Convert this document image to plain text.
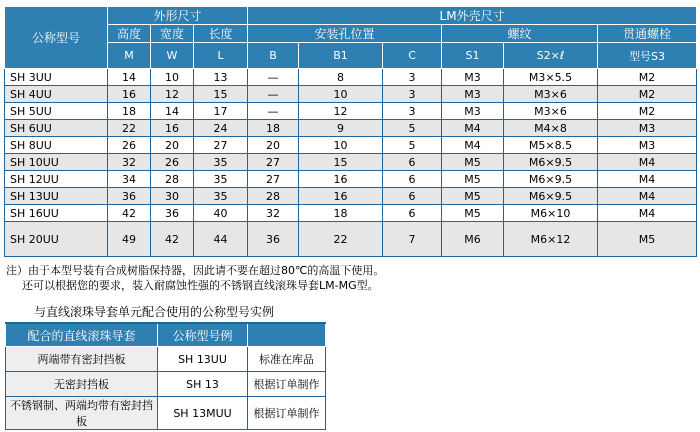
公称型号	外形尺寸			LM外壳尺寸					
	高度	宽度	长度	安装孔位置			螺纹		贯通螺栓
	M	W	L	B	B1	C	S1	S2×ℓ	型号S3
SH 3UU	14	10	13	—	8	3	M3	M3×5.5	M2
SH 4UU	16	12	15	—	10	3	M3	M3×6	M2
SH 5UU	18	14	17	—	12	3	M3	M3×6	M2
SH 6UU	22	16	24	18	9	5	M4	M4×8	M3
SH 8UU	26	20	27	20	10	5	M4	M5×8.5	M3
SH 10UU	32	26	35	27	15	6	M5	M6×9.5	M4
SH 12UU	34	28	35	27	16	6	M5	M6×9.5	M4
SH 13UU	36	30	35	28	16	6	M5	M6×9.5	M4
SH 16UU	42	36	40	32	18	6	M5	M6×10	M4
SH 20UU	49	42	44	36	22	7	M6	M6×12	M5
注）由于本型号装有合成树脂保持器，因此请不要在超过80℃的高温下使用。
还可以根据您的要求，装入耐腐蚀性强的不锈钢直线滚珠导套LM-MG型。
与直线滚珠导套单元配合使用的公称型号实例
配合的直线滚珠导套	公称型号例	
两端带有密封挡板	SH 13UU	标准在库品
无密封挡板	SH 13	根据订单制作
不锈钢制、两端均带有密封挡板	SH 13MUU	根据订单制作
